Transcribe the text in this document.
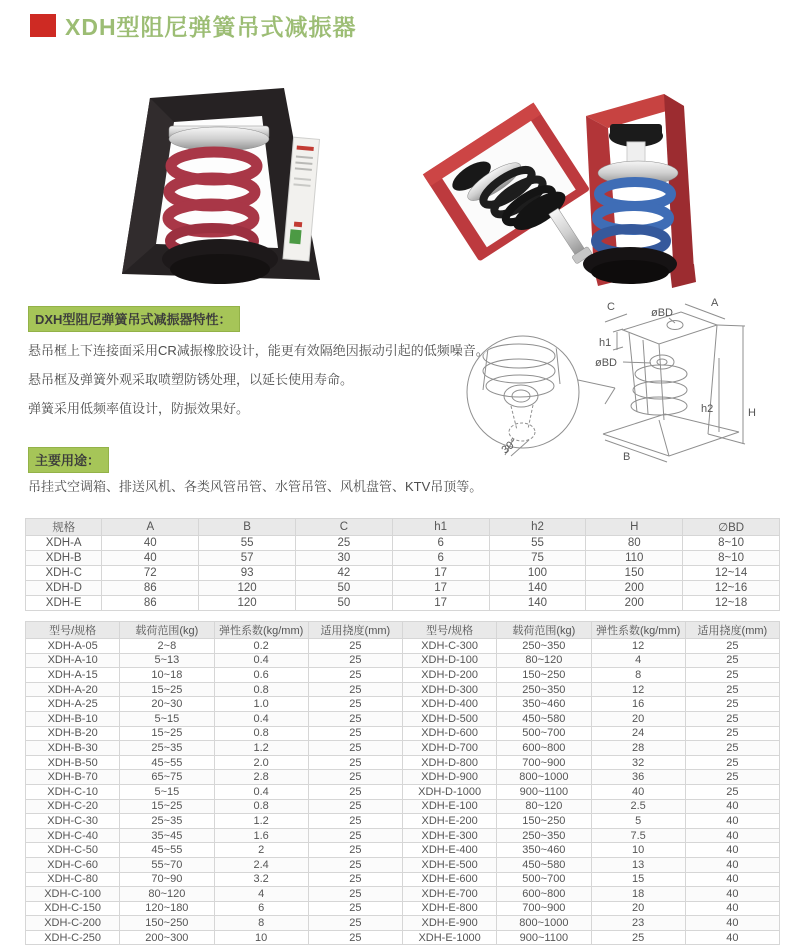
XDH型阻尼弹簧吊式减振器
DXH型阻尼弹簧吊式减振器特性：
悬吊框上下连接面采用CR减振橡胶设计，能更有效隔绝因振动引起的低频噪音。
悬吊框及弹簧外观采取喷塑防锈处理，以延长使用寿命。
弹簧采用低频率值设计，防振效果好。
C	A
øBD
h1
øBD
h2	H
B
30°
主要用途：
吊挂式空调箱、排送风机、各类风管吊管、水管吊管、风机盘管、KTV吊顶等。
规格	A	B	C	h1	h2	H	∅BD
XDH-A	40	55	25	6	55	80	8~10
XDH-B	40	57	30	6	75	110	8~10
XDH-C	72	93	42	17	100	150	12~14
XDH-D	86	120	50	17	140	200	12~16
XDH-E	86	120	50	17	140	200	12~18
型号/规格	载荷范围(kg)	弹性系数(kg/mm)	适用挠度(mm)	型号/规格	载荷范围(kg)	弹性系数(kg/mm)	适用挠度(mm)
XDH-A-05	2~8	0.2	25	XDH-C-300	250~350	12	25
XDH-A-10	5~13	0.4	25	XDH-D-100	80~120	4	25
XDH-A-15	10~18	0.6	25	XDH-D-200	150~250	8	25
XDH-A-20	15~25	0.8	25	XDH-D-300	250~350	12	25
XDH-A-25	20~30	1.0	25	XDH-D-400	350~460	16	25
XDH-B-10	5~15	0.4	25	XDH-D-500	450~580	20	25
XDH-B-20	15~25	0.8	25	XDH-D-600	500~700	24	25
XDH-B-30	25~35	1.2	25	XDH-D-700	600~800	28	25
XDH-B-50	45~55	2.0	25	XDH-D-800	700~900	32	25
XDH-B-70	65~75	2.8	25	XDH-D-900	800~1000	36	25
XDH-C-10	5~15	0.4	25	XDH-D-1000	900~1100	40	25
XDH-C-20	15~25	0.8	25	XDH-E-100	80~120	2.5	40
XDH-C-30	25~35	1.2	25	XDH-E-200	150~250	5	40
XDH-C-40	35~45	1.6	25	XDH-E-300	250~350	7.5	40
XDH-C-50	45~55	2	25	XDH-E-400	350~460	10	40
XDH-C-60	55~70	2.4	25	XDH-E-500	450~580	13	40
XDH-C-80	70~90	3.2	25	XDH-E-600	500~700	15	40
XDH-C-100	80~120	4	25	XDH-E-700	600~800	18	40
XDH-C-150	120~180	6	25	XDH-E-800	700~900	20	40
XDH-C-200	150~250	8	25	XDH-E-900	800~1000	23	40
XDH-C-250	200~300	10	25	XDH-E-1000	900~1100	25	40
